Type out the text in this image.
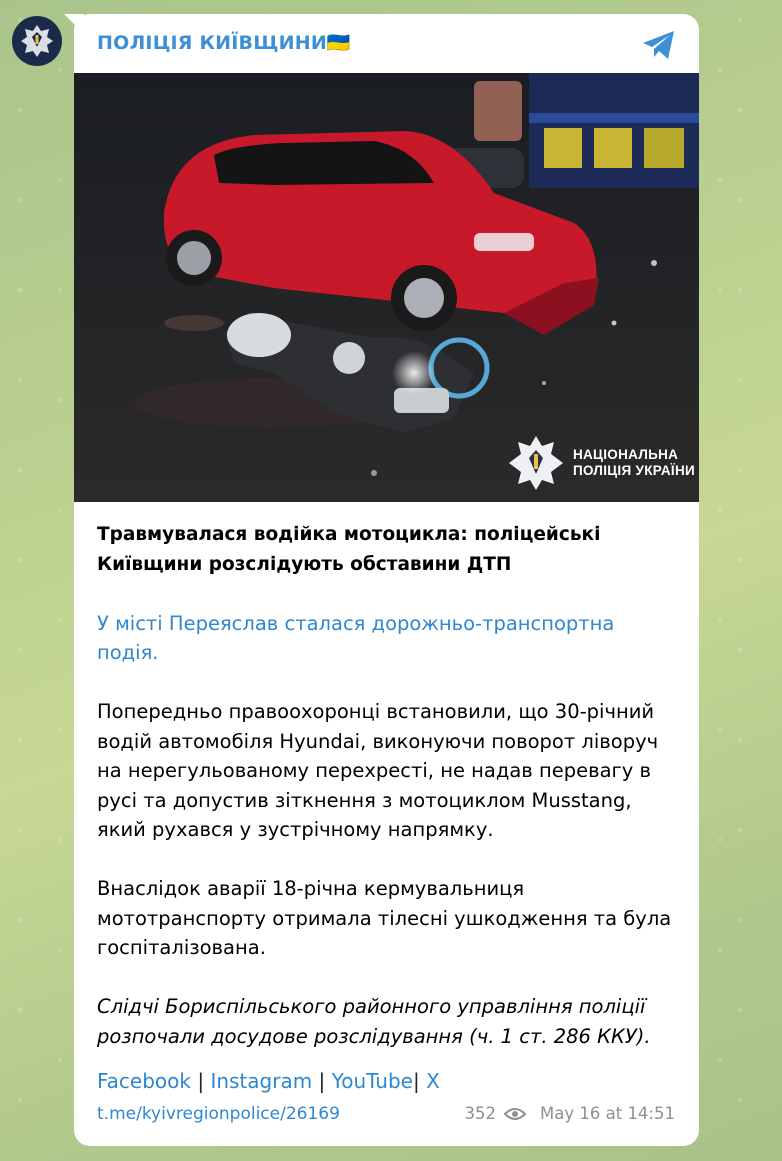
ПОЛІЦІЯ КИЇВЩИНИ🇺🇦
НАЦІОНАЛЬНА
ПОЛІЦІЯ УКРАЇНИ

Травмувалася водійка мотоцикла: поліцейські Київщини розслідують обставини ДТП

У місті Переяслав сталася дорожньо-транспортна подія.

Попередньо правоохоронці встановили, що 30-річний водій автомобіля Hyundai, виконуючи поворот ліворуч на нерегульованому перехресті, не надав перевагу в русі та допустив зіткнення з мотоциклом Musstang, який рухався у зустрічному напрямку.

Внаслідок аварії 18-річна кермувальниця мототранспорту отримала тілесні ушкодження та була госпіталізована.

Слідчі Бориспільського районного управління поліції розпочали досудове розслідування (ч. 1 ст. 286 ККУ).

Facebook | Instagram | YouTube| X
t.me/kyivregionpolice/26169	352	May 16 at 14:51
